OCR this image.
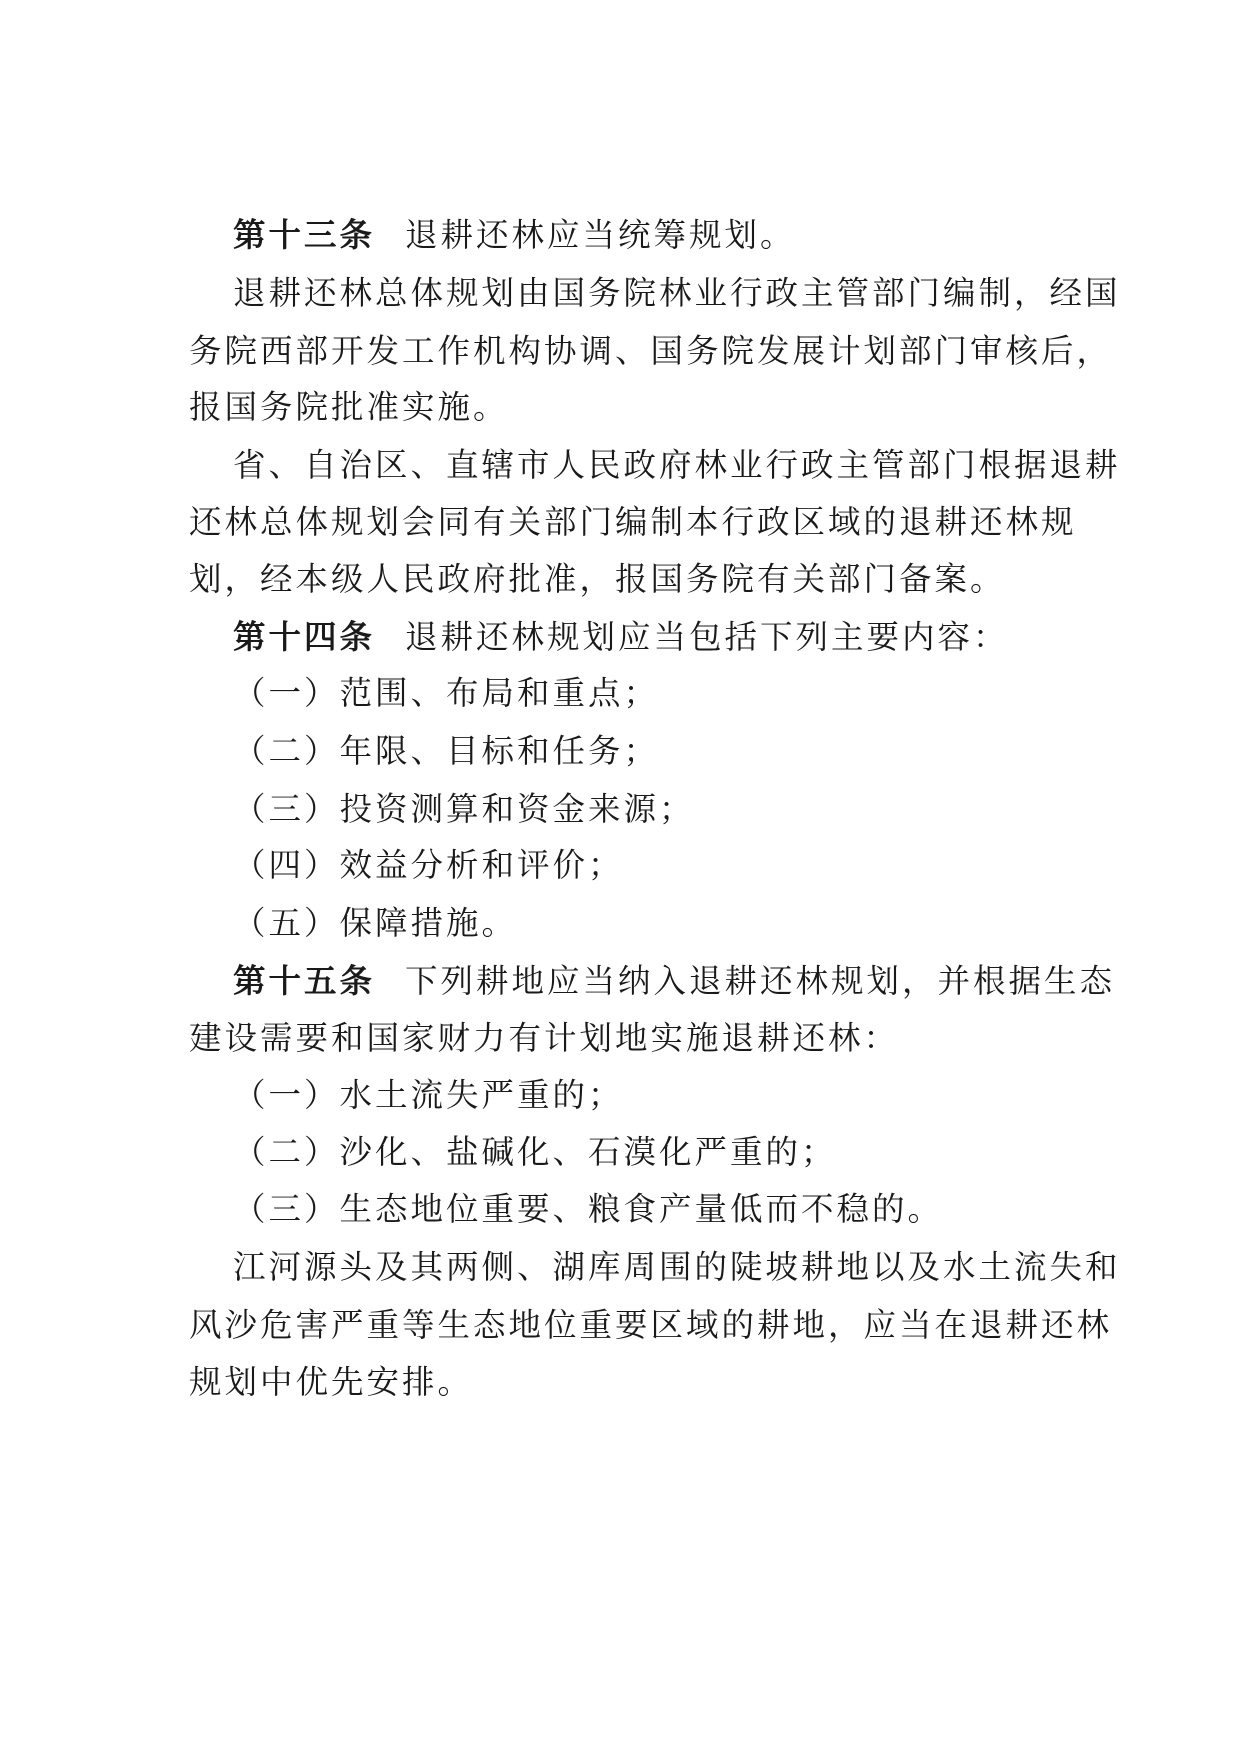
第十三条 退耕还林应当统筹规划。
退耕还林总体规划由国务院林业行政主管部门编制，经国
务院西部开发工作机构协调、国务院发展计划部门审核后，
报国务院批准实施。
省、自治区、直辖市人民政府林业行政主管部门根据退耕
还林总体规划会同有关部门编制本行政区域的退耕还林规
划，经本级人民政府批准，报国务院有关部门备案。
第十四条 退耕还林规划应当包括下列主要内容：
（一）范围、布局和重点；
（二）年限、目标和任务；
（三）投资测算和资金来源；
（四）效益分析和评价；
（五）保障措施。
第十五条 下列耕地应当纳入退耕还林规划，并根据生态
建设需要和国家财力有计划地实施退耕还林：
（一）水土流失严重的；
（二）沙化、盐碱化、石漠化严重的；
（三）生态地位重要、粮食产量低而不稳的。
江河源头及其两侧、湖库周围的陡坡耕地以及水土流失和
风沙危害严重等生态地位重要区域的耕地，应当在退耕还林
规划中优先安排。
